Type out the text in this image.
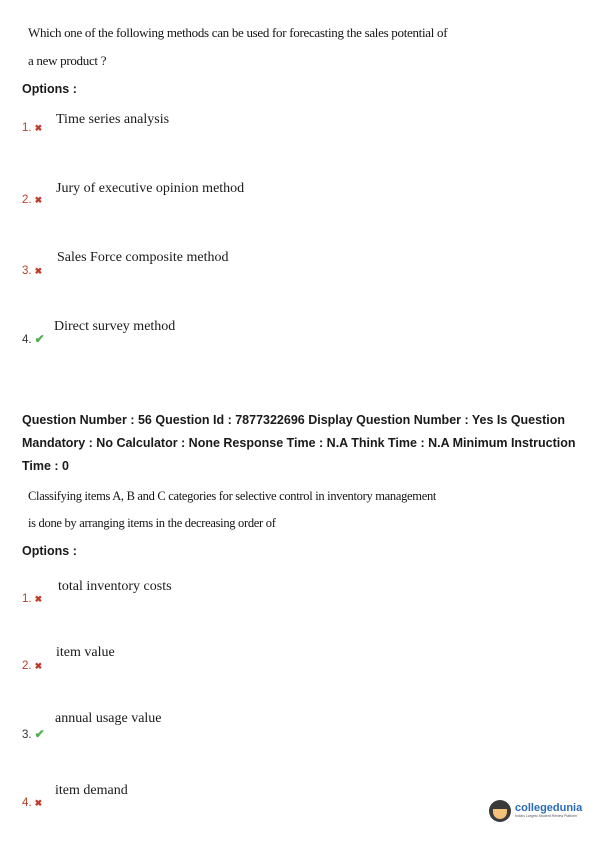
Which one of the following methods can be used for forecasting the sales potential of
a new product ?
Options :
Time series analysis
1. ✖
Jury of executive opinion method
2. ✖
Sales Force composite method
3. ✖
Direct survey method
4. ✔
Question Number : 56 Question Id : 7877322696 Display Question Number : Yes Is Question
Mandatory : No Calculator : None Response Time : N.A Think Time : N.A Minimum Instruction
Time : 0
Classifying items A, B and C categories for selective control in inventory management
is done by arranging items in the decreasing order of
Options :
total inventory costs
1. ✖
item value
2. ✖
annual usage value
3. ✔
item demand
4. ✖	collegedunia
India's Largest Student Review Platform
